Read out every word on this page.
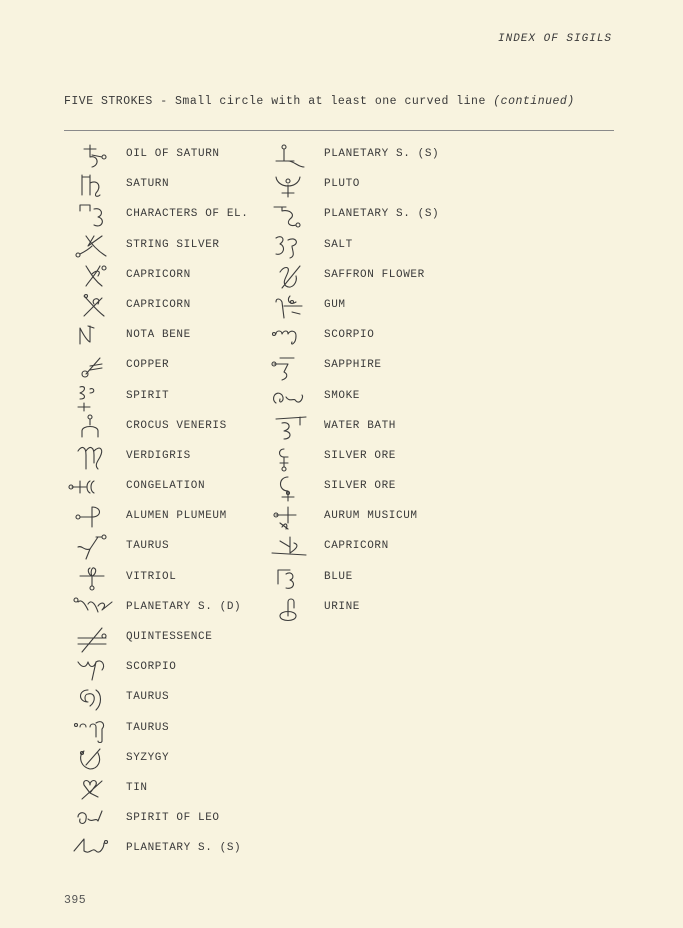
INDEX OF SIGILS
FIVE STROKES - Small circle with at least one curved line (continued)
OIL OF SATURN
SATURN
CHARACTERS OF EL.
STRING SILVER
CAPRICORN
CAPRICORN
NOTA BENE
COPPER
SPIRIT
CROCUS VENERIS
VERDIGRIS
CONGELATION
ALUMEN PLUMEUM
TAURUS
VITRIOL
PLANETARY S. (D)
QUINTESSENCE
SCORPIO
TAURUS
TAURUS
SYZYGY
TIN
SPIRIT OF LEO
PLANETARY S. (S)
PLANETARY S. (S)
PLUTO
PLANETARY S. (S)
SALT
SAFFRON FLOWER
GUM
SCORPIO
SAPPHIRE
SMOKE
WATER BATH
SILVER ORE
SILVER ORE
AURUM MUSICUM
CAPRICORN
BLUE
URINE
395
